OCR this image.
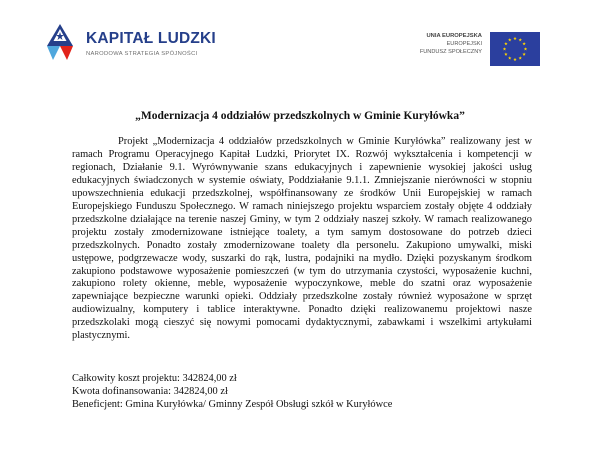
KAPITAŁ LUDZKI
NARODOWA STRATEGIA SPÓJNOŚCI
UNIA EUROPEJSKA
EUROPEJSKI
FUNDUSZ SPOŁECZNY
„Modernizacja 4 oddziałów przedszkolnych w Gminie Kuryłówka”

Projekt „Modernizacja 4 oddziałów przedszkolnych w Gminie Kuryłówka” realizowany jest w ramach Programu Operacyjnego Kapitał Ludzki, Priorytet IX. Rozwój wykształcenia i kompetencji w regionach, Działanie 9.1. Wyrównywanie szans edukacyjnych i zapewnienie wysokiej jakości usług edukacyjnych świadczonych w systemie oświaty, Poddziałanie 9.1.1. Zmniejszanie nierówności w stopniu upowszechnienia edukacji przedszkolnej, współfinansowany ze środków Unii Europejskiej w ramach Europejskiego Funduszu Społecznego. W ramach niniejszego projektu wsparciem zostały objęte 4 oddziały przedszkolne działające na terenie naszej Gminy, w tym 2 oddziały naszej szkoły. W ramach realizowanego projektu zostały zmodernizowane istniejące toalety, a tym samym dostosowane do potrzeb dzieci przedszkolnych. Ponadto zostały zmodernizowane toalety dla personelu. Zakupiono umywalki, miski ustępowe, podgrzewacze wody, suszarki do rąk, lustra, podajniki na mydło. Dzięki pozyskanym środkom zakupiono podstawowe wyposażenie pomieszczeń (w tym do utrzymania czystości, wyposażenie kuchni, zakupiono rolety okienne, meble, wyposażenie wypoczynkowe, meble do szatni oraz wyposażenie zapewniające bezpieczne warunki opieki. Oddziały przedszkolne zostały również wyposażone w sprzęt audiowizualny, komputery i tablice interaktywne. Ponadto dzięki realizowanemu projektowi nasze przedszkolaki mogą cieszyć się nowymi pomocami dydaktycznymi, zabawkami i wszelkimi artykułami plastycznymi.

Całkowity koszt projektu: 342824,00 zł
Kwota dofinansowania: 342824,00 zł
Beneficjent: Gmina Kuryłówka/ Gminny Zespół Obsługi szkół w Kuryłówce
